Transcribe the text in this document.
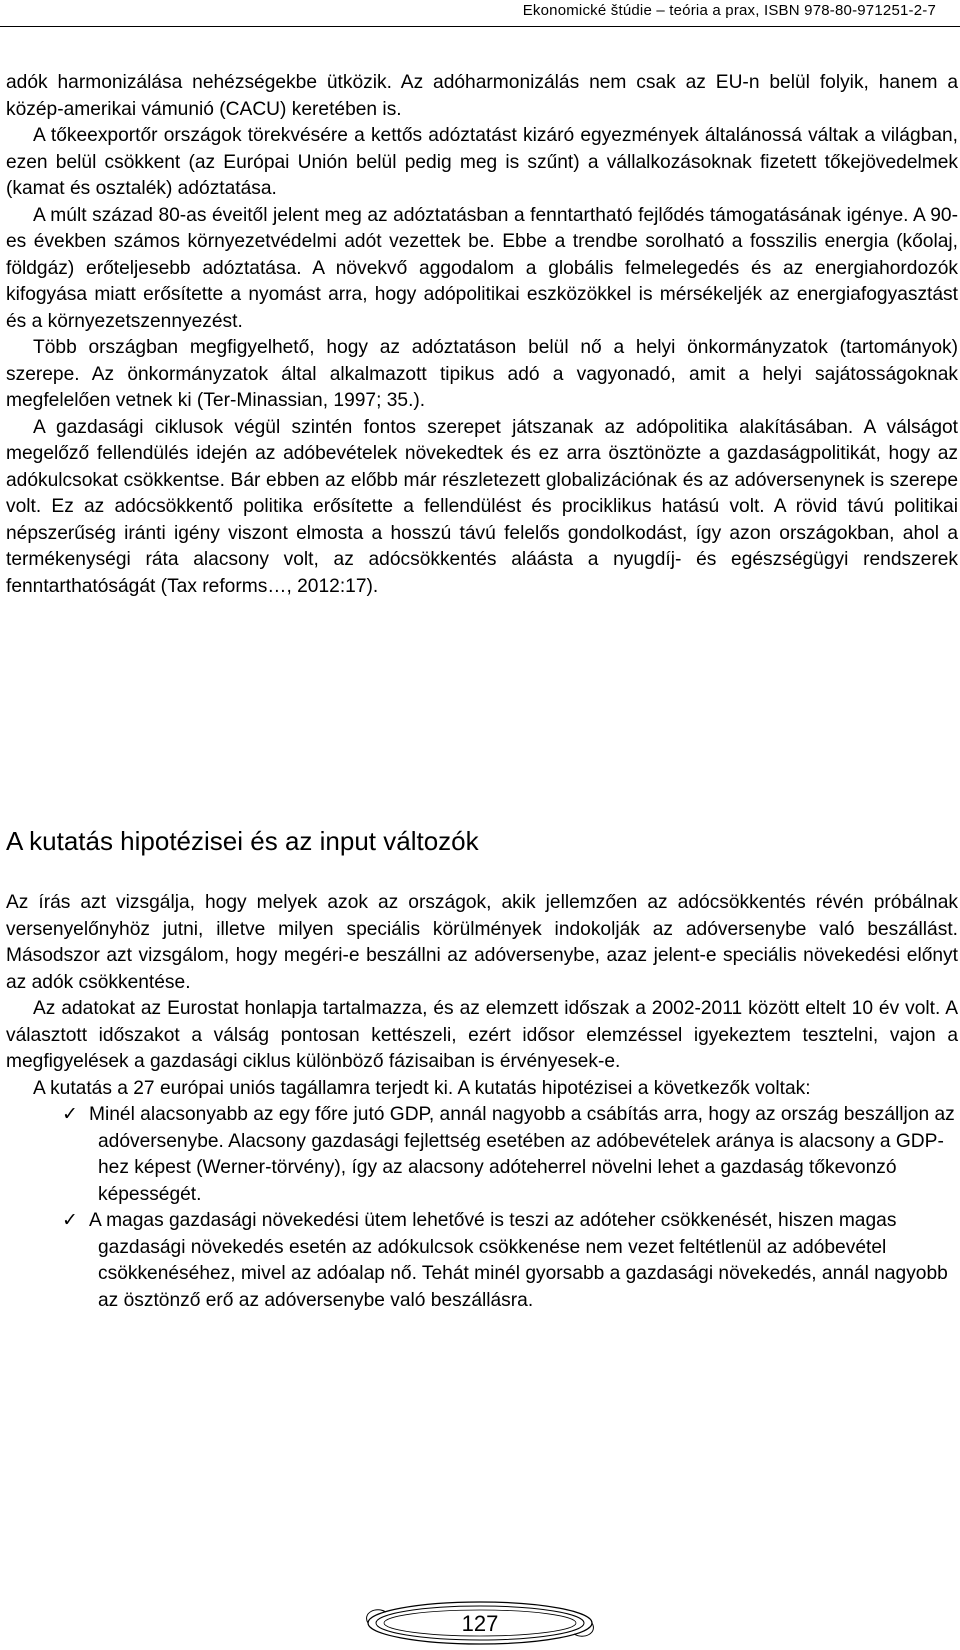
Ekonomické štúdie – teória a prax, ISBN 978-80-971251-2-7

adók harmonizálása nehézségekbe ütközik. Az adóharmonizálás nem csak az EU-n belül folyik, hanem a közép-amerikai vámunió (CACU) keretében is.

A tőkeexportőr országok törekvésére a kettős adóztatást kizáró egyezmények általánossá váltak a világban, ezen belül csökkent (az Európai Unión belül pedig meg is szűnt) a vállalkozásoknak fizetett tőkejövedelmek (kamat és osztalék) adóztatása.

A múlt század 80-as éveitől jelent meg az adóztatásban a fenntartható fejlődés támogatásának igénye. A 90-es években számos környezetvédelmi adót vezettek be. Ebbe a trendbe sorolható a fosszilis energia (kőolaj, földgáz) erőteljesebb adóztatása. A növekvő aggodalom a globális felmelegedés és az energiahordozók kifogyása miatt erősítette a nyomást arra, hogy adópolitikai eszközökkel is mérsékeljék az energiafogyasztást és a környezetszennyezést.

Több országban megfigyelhető, hogy az adóztatáson belül nő a helyi önkormányzatok (tartományok) szerepe. Az önkormányzatok által alkalmazott tipikus adó a vagyonadó, amit a helyi sajátosságoknak megfelelően vetnek ki (Ter-Minassian, 1997; 35.).

A gazdasági ciklusok végül szintén fontos szerepet játszanak az adópolitika alakításában. A válságot megelőző fellendülés idején az adóbevételek növekedtek és ez arra ösztönözte a gazdaságpolitikát, hogy az adókulcsokat csökkentse. Bár ebben az előbb már részletezett globalizációnak és az adóversenynek is szerepe volt. Ez az adócsökkentő politika erősítette a fellendülést és prociklikus hatású volt. A rövid távú politikai népszerűség iránti igény viszont elmosta a hosszú távú felelős gondolkodást, így azon országokban, ahol a termékenységi ráta alacsony volt, az adócsökkentés aláásta a nyugdíj- és egészségügyi rendszerek fenntarthatóságát (Tax reforms…, 2012:17).

A kutatás hipotézisei és az input változók

Az írás azt vizsgálja, hogy melyek azok az országok, akik jellemzően az adócsökkentés révén próbálnak versenyelőnyhöz jutni, illetve milyen speciális körülmények indokolják az adóversenybe való beszállást. Másodszor azt vizsgálom, hogy megéri-e beszállni az adóversenybe, azaz jelent-e speciális növekedési előnyt az adók csökkentése.

Az adatokat az Eurostat honlapja tartalmazza, és az elemzett időszak a 2002-2011 között eltelt 10 év volt. A választott időszakot a válság pontosan kettészeli, ezért idősor elemzéssel igyekeztem tesztelni, vajon a megfigyelések a gazdasági ciklus különböző fázisaiban is érvényesek-e.

A kutatás a 27 európai uniós tagállamra terjedt ki. A kutatás hipotézisei a következők voltak:

✓ Minél alacsonyabb az egy főre jutó GDP, annál nagyobb a csábítás arra, hogy az ország beszálljon az adóversenybe. Alacsony gazdasági fejlettség esetében az adóbevételek aránya is alacsony a GDP-hez képest (Werner-törvény), így az alacsony adóteherrel növelni lehet a gazdaság tőkevonzó képességét.
✓ A magas gazdasági növekedési ütem lehetővé is teszi az adóteher csökkenését, hiszen magas gazdasági növekedés esetén az adókulcsok csökkenése nem vezet feltétlenül az adóbevétel csökkenéséhez, mivel az adóalap nő. Tehát minél gyorsabb a gazdasági növekedés, annál nagyobb az ösztönző erő az adóversenybe való beszállásra.
127
